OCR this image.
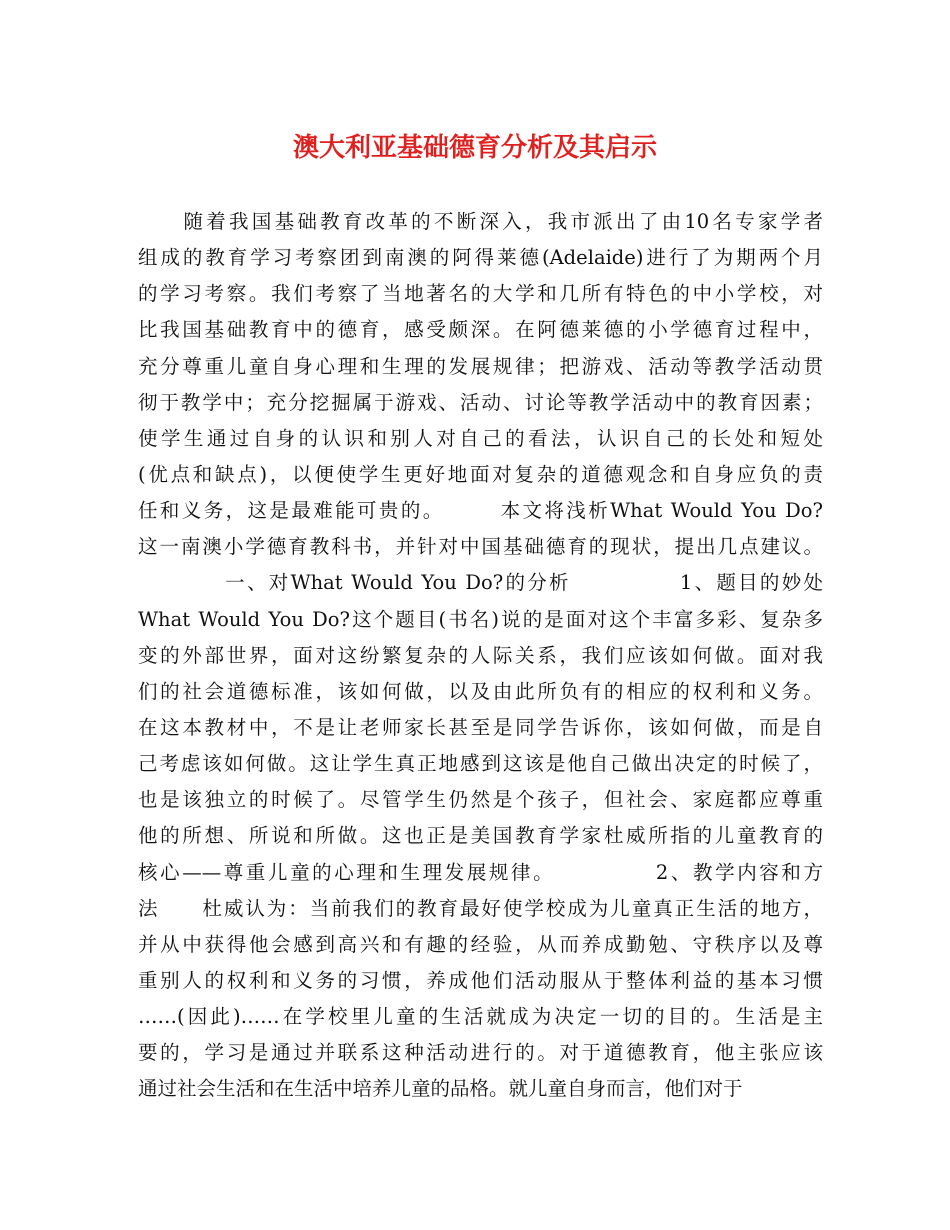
澳大利亚基础德育分析及其启示
　　随着我国基础教育改革的不断深入，我市派出了由10名专家学者
组成的教育学习考察团到南澳的阿得莱德(Adelaide)进行了为期两个月
的学习考察。我们考察了当地著名的大学和几所有特色的中小学校，对
比我国基础教育中的德育，感受颇深。在阿德莱德的小学德育过程中，
充分尊重儿童自身心理和生理的发展规律；把游戏、活动等教学活动贯
彻于教学中；充分挖掘属于游戏、活动、讨论等教学活动中的教育因素；
使学生通过自身的认识和别人对自己的看法，认识自己的长处和短处
(优点和缺点)，以便使学生更好地面对复杂的道德观念和自身应负的责
任和义务，这是最难能可贵的。　　　本文将浅析What Would You Do?
这一南澳小学德育教科书，并针对中国基础德育的现状，提出几点建议。
　　　　一、对What Would You Do?的分析　　　　　1、题目的妙处
What Would You Do?这个题目(书名)说的是面对这个丰富多彩、复杂多
变的外部世界，面对这纷繁复杂的人际关系，我们应该如何做。面对我
们的社会道德标准，该如何做，以及由此所负有的相应的权利和义务。
在这本教材中，不是让老师家长甚至是同学告诉你，该如何做，而是自
己考虑该如何做。这让学生真正地感到这该是他自己做出决定的时候了，
也是该独立的时候了。尽管学生仍然是个孩子，但社会、家庭都应尊重
他的所想、所说和所做。这也正是美国教育学家杜威所指的儿童教育的
核心——尊重儿童的心理和生理发展规律。　　　　　2、教学内容和方
法　　杜威认为：当前我们的教育最好使学校成为儿童真正生活的地方，
并从中获得他会感到高兴和有趣的经验，从而养成勤勉、守秩序以及尊
重别人的权利和义务的习惯，养成他们活动服从于整体利益的基本习惯
……(因此)……在学校里儿童的生活就成为决定一切的目的。生活是主
要的，学习是通过并联系这种活动进行的。对于道德教育，他主张应该
通过社会生活和在生活中培养儿童的品格。就儿童自身而言，他们对于
